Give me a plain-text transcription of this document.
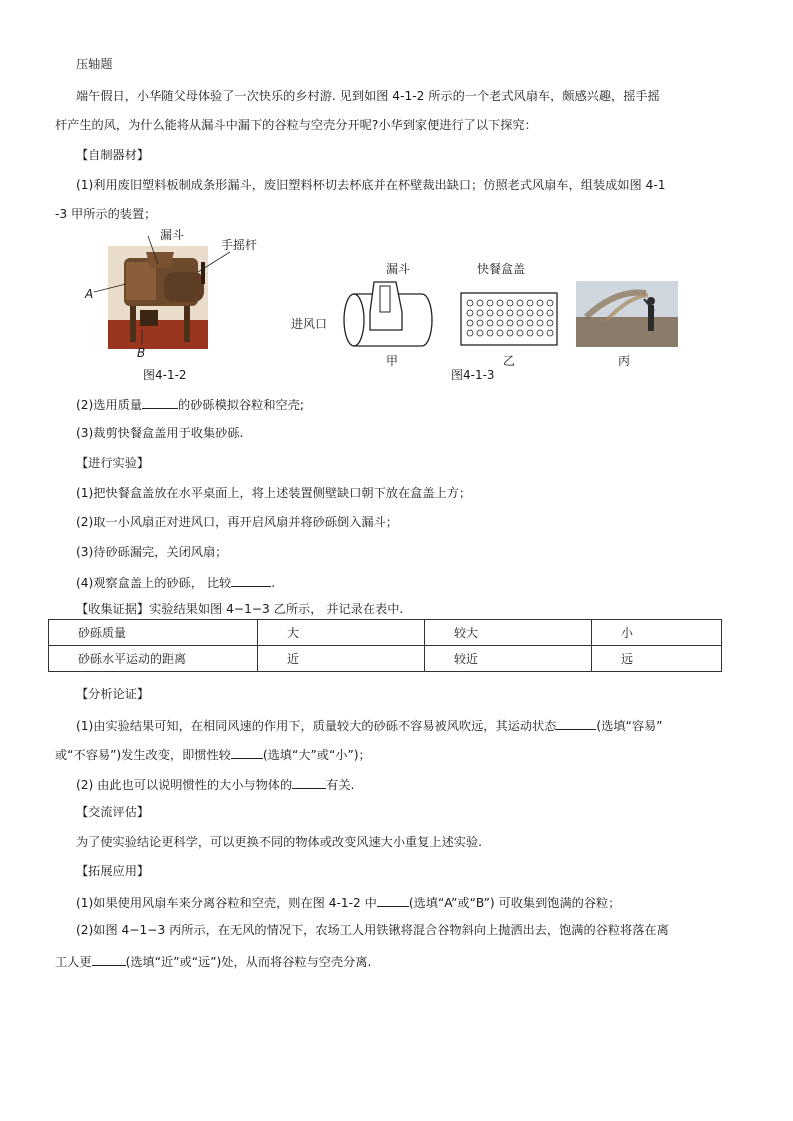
压轴题
端午假日，小华随父母体验了一次快乐的乡村游. 见到如图 4-1-2 所示的一个老式风扇车，颇感兴趣，摇手摇
杆产生的风，为什么能将从漏斗中漏下的谷粒与空壳分开呢?小华到家便进行了以下探究：
【自制器材】
(1)利用废旧塑料板制成条形漏斗，废旧塑料杯切去杯底并在杯壁裁出缺口；仿照老式风扇车，组装成如图 4-1
-3 甲所示的装置；
漏斗
手摇杆
A
B
图4-1-2
漏斗
进风口
甲
快餐盒盖
乙	丙
图4-1-3
(2)选用质量	的砂砾模拟谷粒和空壳;
(3)裁剪快餐盒盖用于收集砂砾.
【进行实验】
(1)把快餐盒盖放在水平桌面上，将上述装置侧壁缺口朝下放在盒盖上方；
(2)取一小风扇正对进风口，再开启风扇并将砂砾倒入漏斗；
(3)待砂砾漏完，关闭风扇；
(4)观察盒盖上的砂砾， 比较	.
【收集证据】实验结果如图 4−1−3 乙所示， 并记录在表中.
砂砾质量	大	较大	小
砂砾水平运动的距离	近	较近	远
【分析论证】
(1)由实验结果可知，在相同风速的作用下，质量较大的砂砾不容易被风吹远，其运动状态	(选填“容易”
或“不容易”)发生改变，即惯性较	(选填“大”或“小”)；
(2) 由此也可以说明惯性的大小与物体的	有关.
【交流评估】
为了使实验结论更科学，可以更换不同的物体或改变风速大小重复上述实验.
【拓展应用】
(1)如果使用风扇车来分离谷粒和空壳，则在图 4-1-2 中	(选填“A”或“B”) 可收集到饱满的谷粒；
(2)如图 4−1−3 丙所示，在无风的情况下，农场工人用铁锹将混合谷物斜向上抛洒出去，饱满的谷粒将落在离
工人更	(选填“近”或“远”)处，从而将谷粒与空壳分离.
